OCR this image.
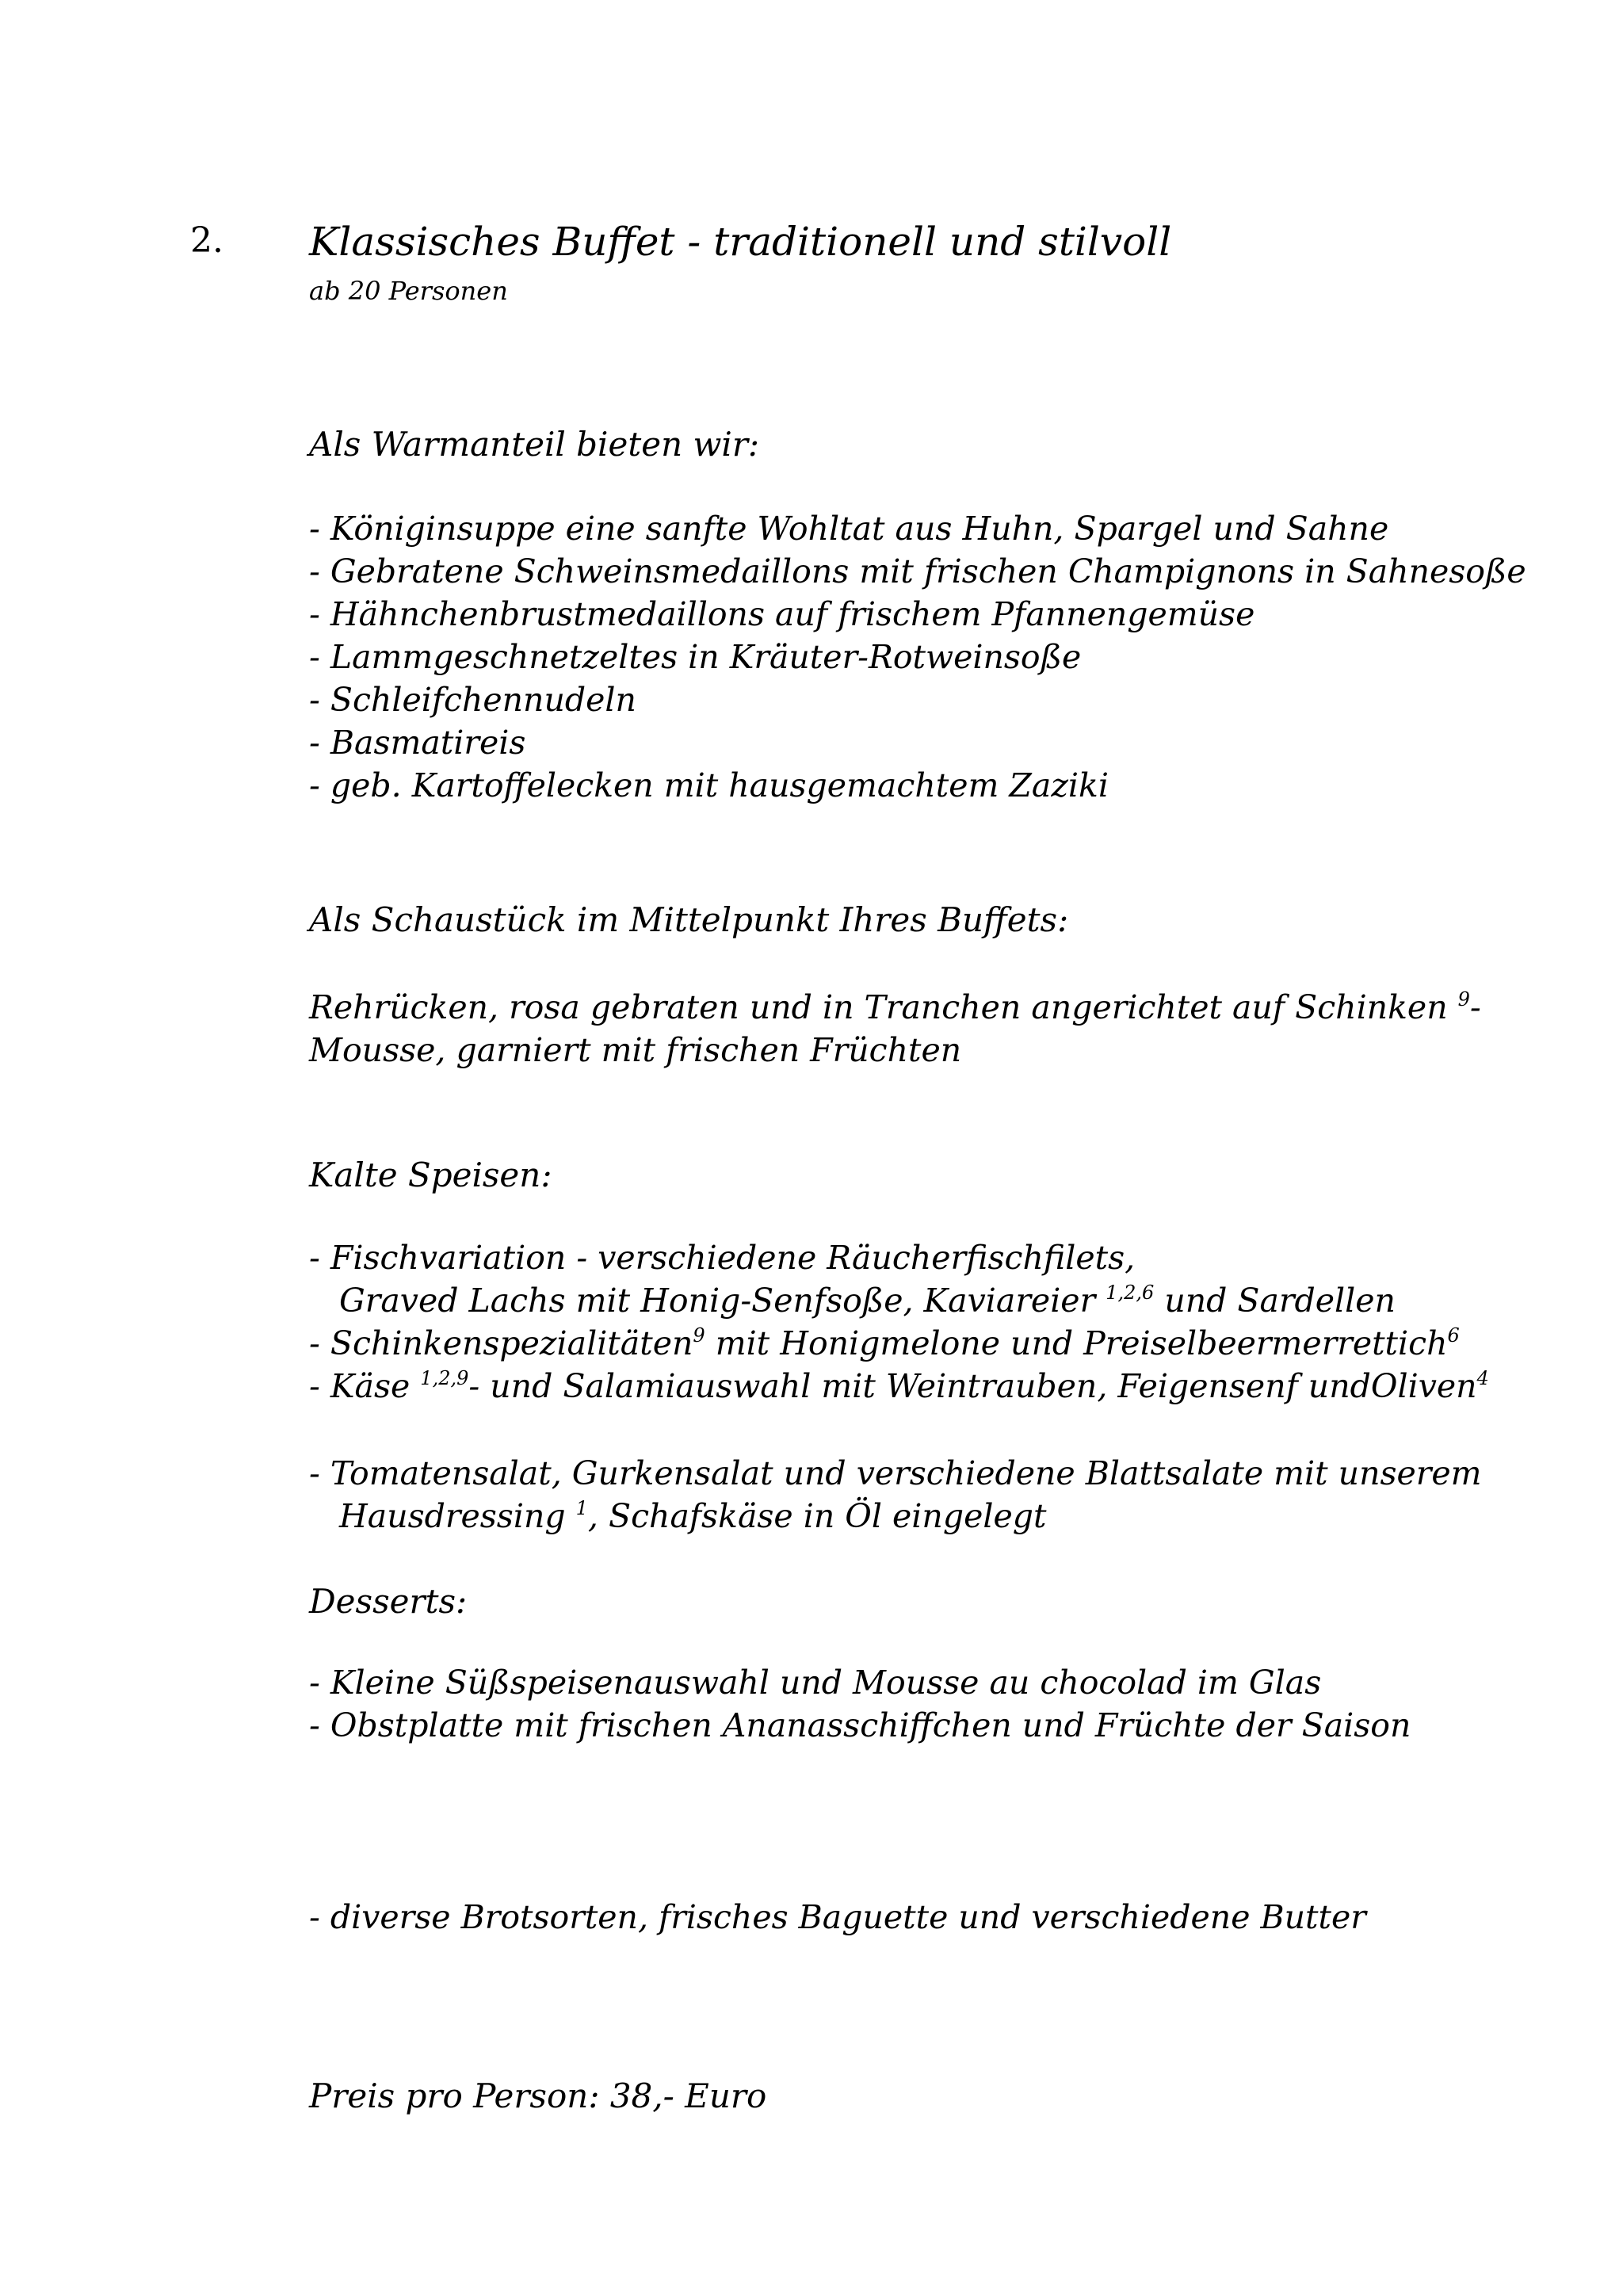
2. Klassisches Buffet - traditionell und stilvoll
ab 20 Personen
Als Warmanteil bieten wir:
- Königinsuppe eine sanfte Wohltat aus Huhn, Spargel und Sahne
- Gebratene Schweinsmedaillons mit frischen Champignons in Sahnesoße
- Hähnchenbrustmedaillons auf frischem Pfannengemüse
- Lammgeschnetzeltes in Kräuter-Rotweinsoße
- Schleifchennudeln
- Basmatireis
- geb. Kartoffelecken mit hausgemachtem Zaziki
Als Schaustück im Mittelpunkt Ihres Buffets:
Rehrücken, rosa gebraten und in Tranchen angerichtet auf Schinken $^9$-
Mousse, garniert mit frischen Früchten
Kalte Speisen:
- Fischvariation - verschiedene Räucherfischfilets,
Graved Lachs mit Honig-Senfsoße, Kaviareier $^{1,2,6}$ und Sardellen
- Schinkenspezialitäten$^9$ mit Honigmelone und Preiselbeermerrettich$^6$
- Käse $^{1,2,9}$- und Salamiauswahl mit Weintrauben, Feigensenf undOliven$^4$
- Tomatensalat, Gurkensalat und verschiedene Blattsalate mit unserem
Hausdressing $^1$, Schafskäse in Öl eingelegt
Desserts:
- Kleine Süßspeisenauswahl und Mousse au chocolad im Glas
- Obstplatte mit frischen Ananasschiffchen und Früchte der Saison
- diverse Brotsorten, frisches Baguette und verschiedene Butter
Preis pro Person: 38,- Euro
